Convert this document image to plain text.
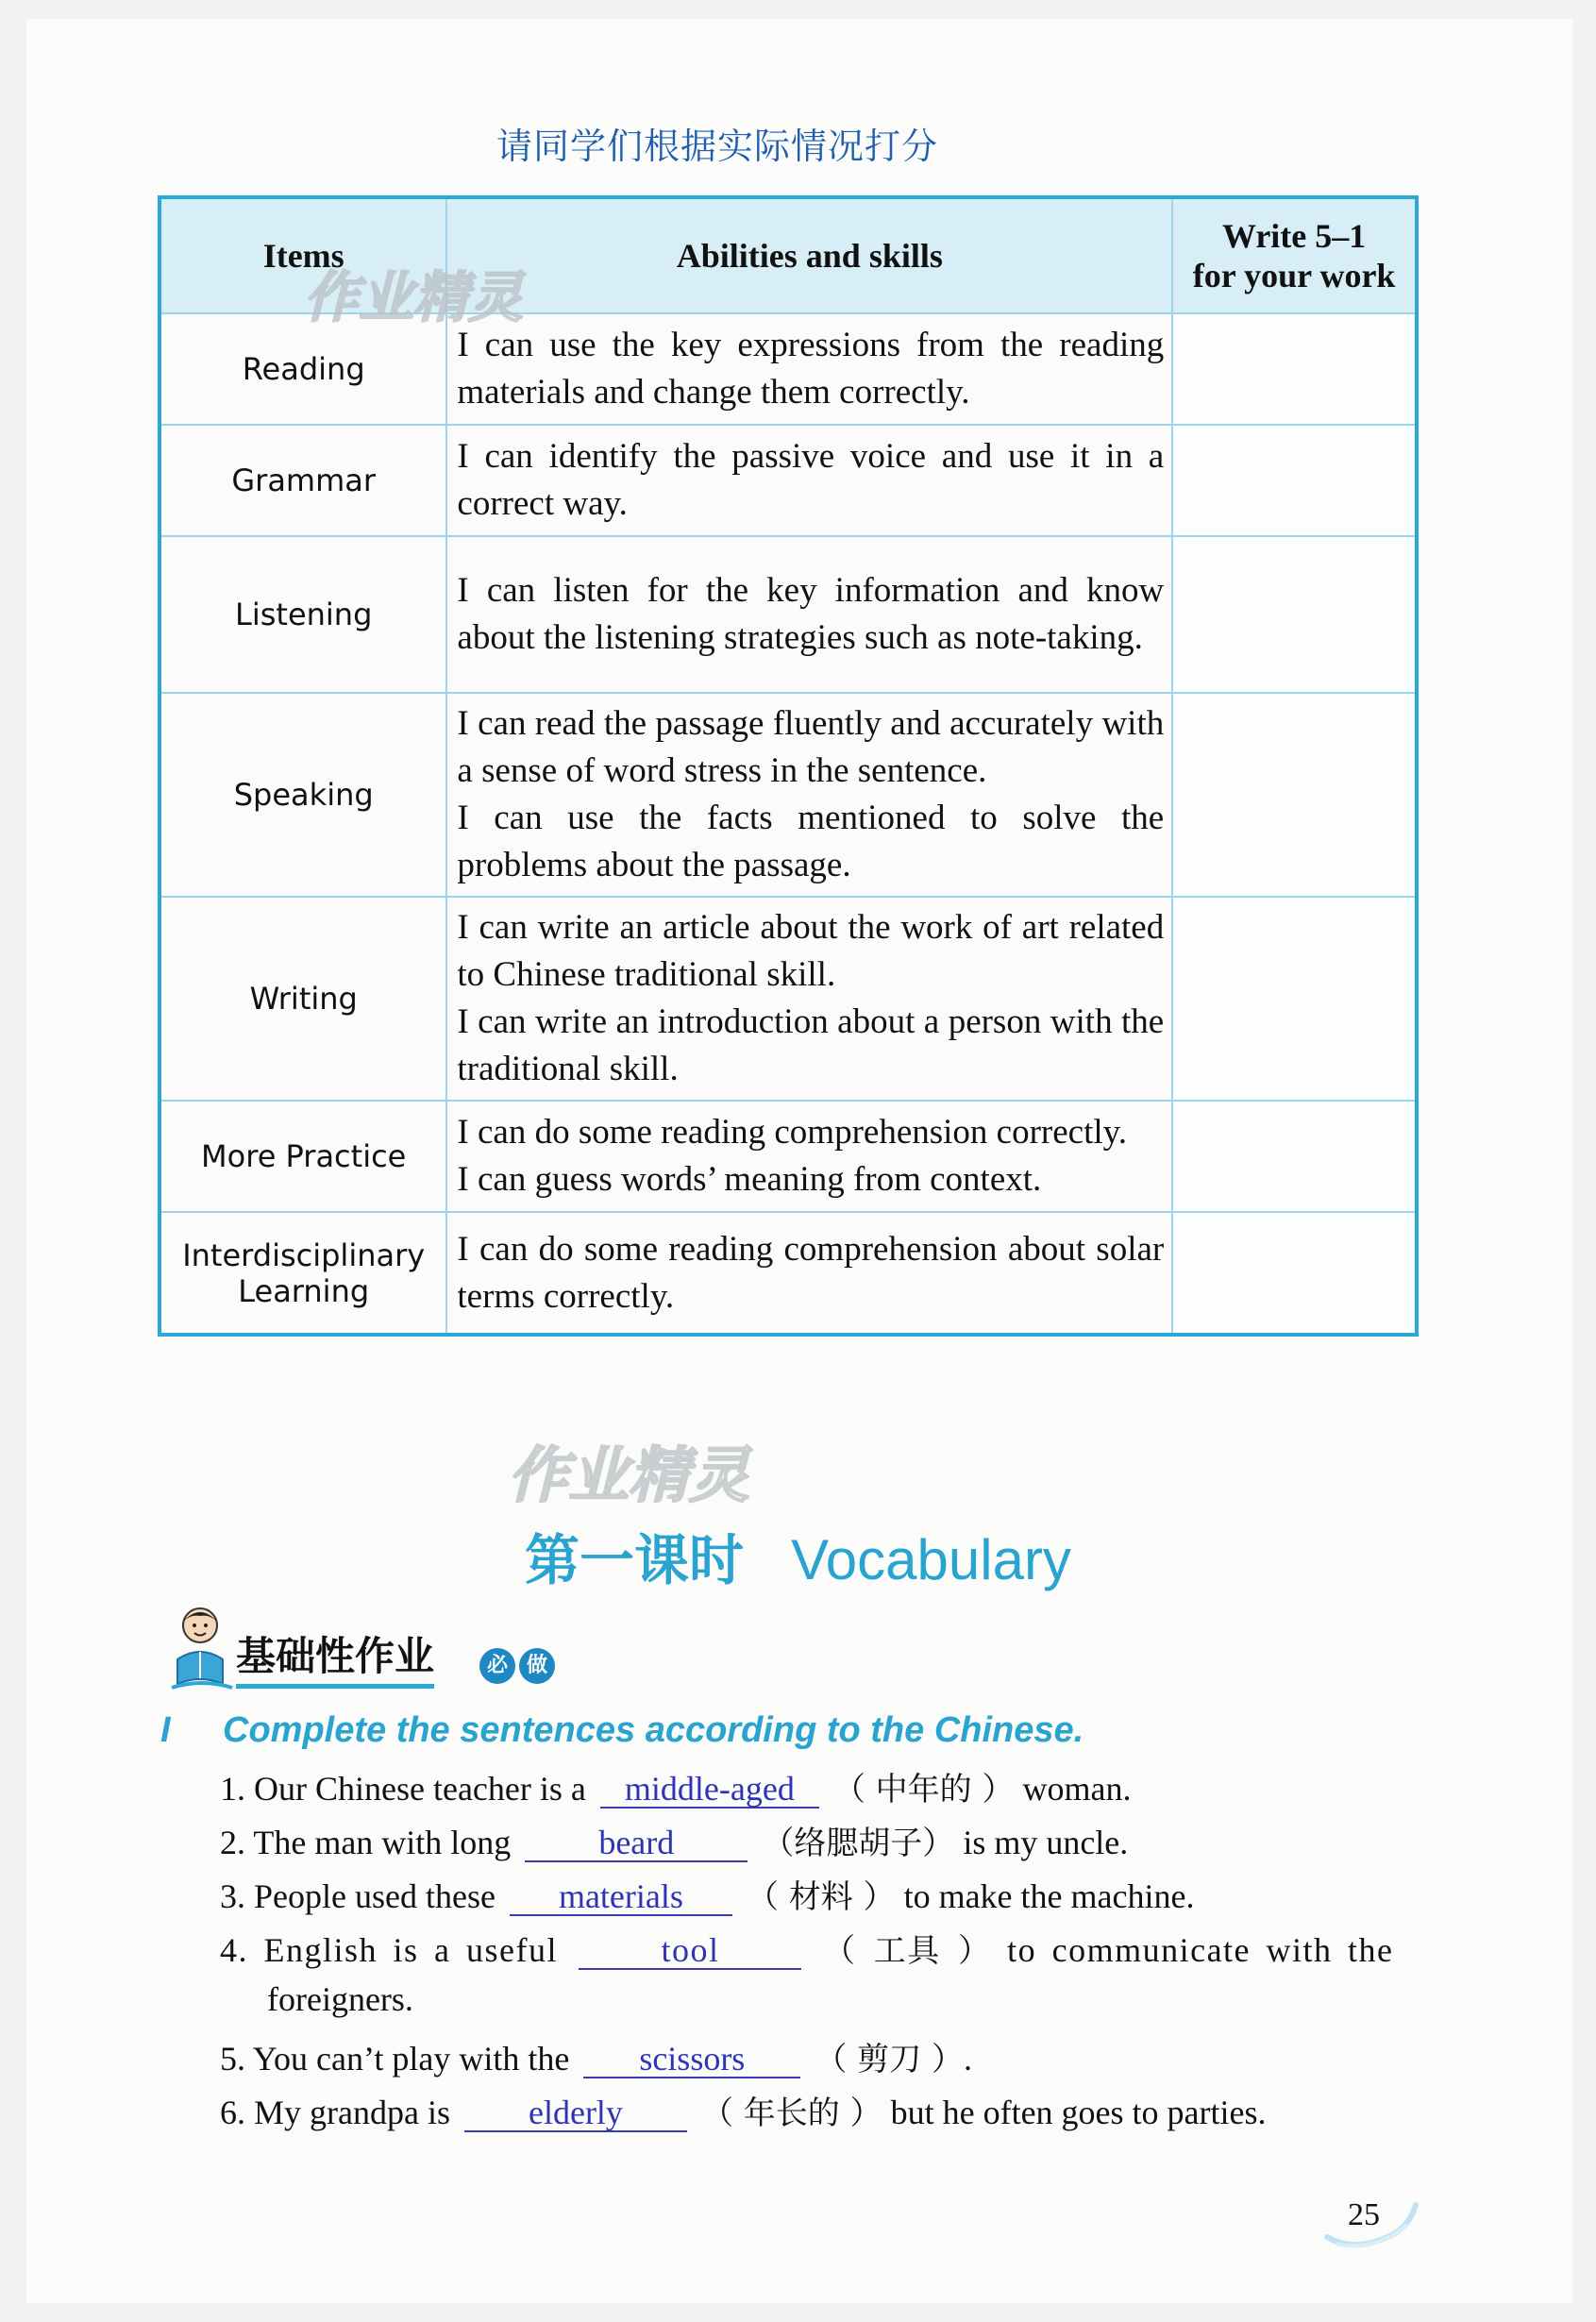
请同学们根据实际情况打分
Items	Abilities and skills	Write 5–1
for your work

Reading	I can use the key expressions from the reading materials and change them correctly.	

Grammar	I can identify the passive voice and use it in a correct way.	

Listening	I can listen for the key information and know about the listening strategies such as note-taking.	

Speaking	I can read the passage fluently and accurately with a sense of word stress in the sentence.
I can use the facts mentioned to solve the problems about the passage.	

Writing	I can write an article about the work of art related to Chinese traditional skill.
I can write an introduction about a person with the traditional skill.	

More Practice	I can do some reading comprehension correctly.
I can guess words’ meaning from context.	

Interdisciplinary
Learning	I can do some reading comprehension about solar terms correctly.	

作业精灵
作业精灵
第一课时 Vocabulary
基础性作业	必 做
I Complete the sentences according to the Chinese.
1. Our Chinese teacher is a middle-aged （ 中年的 ） woman.
2. The man with long	beard	（络腮胡子） is my uncle.
3. People used these materials （ 材料 ） to make the machine.
4. English is a useful	tool	（ 工具 ） to communicate with the
foreigners.
5. You can’t play with the scissors （ 剪刀 ）.
6. My grandpa is elderly （ 年长的 ） but he often goes to parties.
25
